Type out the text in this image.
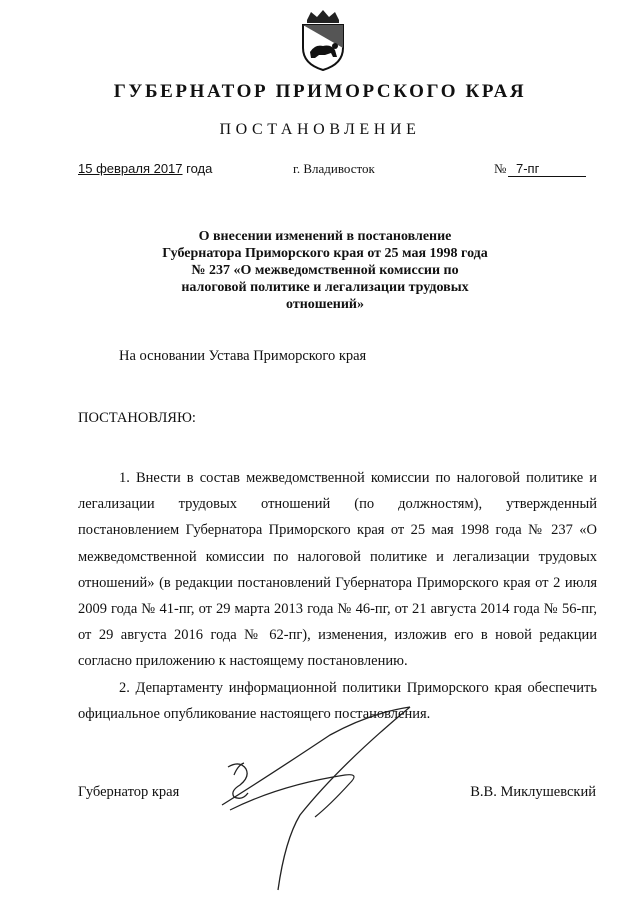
ГУБЕРНАТОР ПРИМОРСКОГО КРАЯ
ПОСТАНОВЛЕНИЕ
15 февраля 2017 года	г. Владивосток	№ 7-пг
О внесении изменений в постановление Губернатора Приморского края от 25 мая 1998 года № 237 «О межведомственной комиссии по налоговой политике и легализации трудовых отношений»
На основании Устава Приморского края
ПОСТАНОВЛЯЮ:

1. Внести в состав межведомственной комиссии по налоговой политике и легализации трудовых отношений (по должностям), утвержденный постановлением Губернатора Приморского края от 25 мая 1998 года № 237 «О межведомственной комиссии по налоговой политике и легализации трудовых отношений» (в редакции постановлений Губернатора Приморского края от 2 июля 2009 года № 41-пг, от 29 марта 2013 года № 46-пг, от 21 августа 2014 года № 56-пг, от 29 августа 2016 года № 62-пг), изменения, изложив его в новой редакции согласно приложению к настоящему постановлению.

2. Департаменту информационной политики Приморского края обеспечить официальное опубликование настоящего постановления.

Губернатор края	В.В. Миклушевский
